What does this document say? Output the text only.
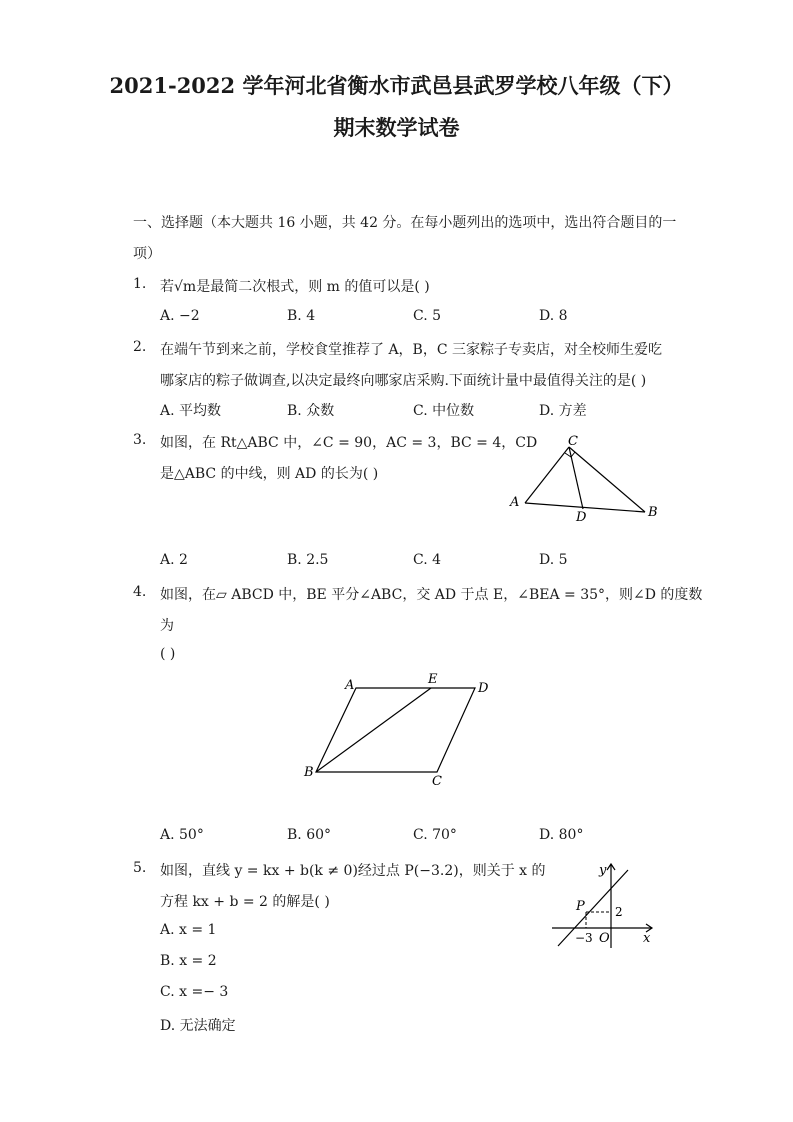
2021-2022 学年河北省衡水市武邑县武罗学校八年级（下）
期末数学试卷
一、选择题（本大题共 16 小题，共 42 分。在每小题列出的选项中，选出符合题目的一
项）
1. 若√m是最简二次根式，则 m 的值可以是( )
A. −2	B. 4	C. 5	D. 8
2. 在端午节到来之前，学校食堂推荐了 A，B，C 三家粽子专卖店，对全校师生爱吃
哪家店的粽子做调查,以决定最终向哪家店采购.下面统计量中最值得关注的是( )
A. 平均数	B. 众数	C. 中位数	D. 方差
3. 如图，在 Rt△ABC 中，∠C = 90，AC = 3，BC = 4，CD
是△ABC 的中线，则 AD 的长为( )
C
A
D	B
A. 2	B. 2.5	C. 4	D. 5
4. 如图，在▱ ABCD 中，BE 平分∠ABC，交 AD 于点 E，∠BEA = 35°，则∠D 的度数
为
( )
A	E
D
B
C
A. 50°	B. 60°	C. 70°	D. 80°
5. 如图，直线 y = kx + b(k ≠ 0)经过点 P(−3.2)，则关于 x 的
方程 kx + b = 2 的解是( )
y
P	2
−3 O	x
A. x = 1
B. x = 2
C. x =− 3
D. 无法确定
